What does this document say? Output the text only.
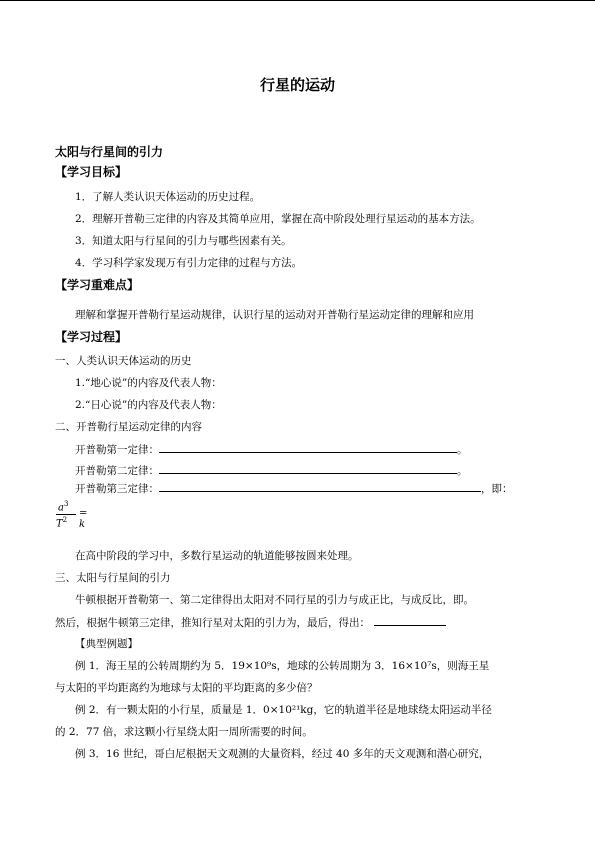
行星的运动
太阳与行星间的引力
【学习目标】
1．了解人类认识天体运动的历史过程。
2．理解开普勒三定律的内容及其简单应用，掌握在高中阶段处理行星运动的基本方法。
3．知道太阳与行星间的引力与哪些因素有关。
4．学习科学家发现万有引力定律的过程与方法。
【学习重难点】
理解和掌握开普勒行星运动规律，认识行星的运动对开普勒行星运动定律的理解和应用
【学习过程】
一、人类认识天体运动的历史
1.“地心说”的内容及代表人物：
2.“日心说”的内容及代表人物：
二、开普勒行星运动定律的内容
开普勒第一定律：	。
开普勒第二定律：	。
开普勒第三定律：	，即：
$a^3$
$T^2$
= k
在高中阶段的学习中，多数行星运动的轨道能够按圆来处理。
三、太阳与行星间的引力
牛顿根据开普勒第一、第二定律得出太阳对不同行星的引力与成正比，与成反比，即。
然后，根据牛顿第三定律，推知行星对太阳的引力为，最后，得出：
【典型例题】
例 1．海王星的公转周期约为 5．19×10⁹s，地球的公转周期为 3．16×10⁷s，则海王星
与太阳的平均距离约为地球与太阳的平均距离的多少倍？
例 2．有一颗太阳的小行星，质量是 1．0×10²¹kg，它的轨道半径是地球绕太阳运动半径
的 2．77 倍，求这颗小行星绕太阳一周所需要的时间。
例 3．16 世纪，哥白尼根据天文观测的大量资料，经过 40 多年的天文观测和潜心研究，
